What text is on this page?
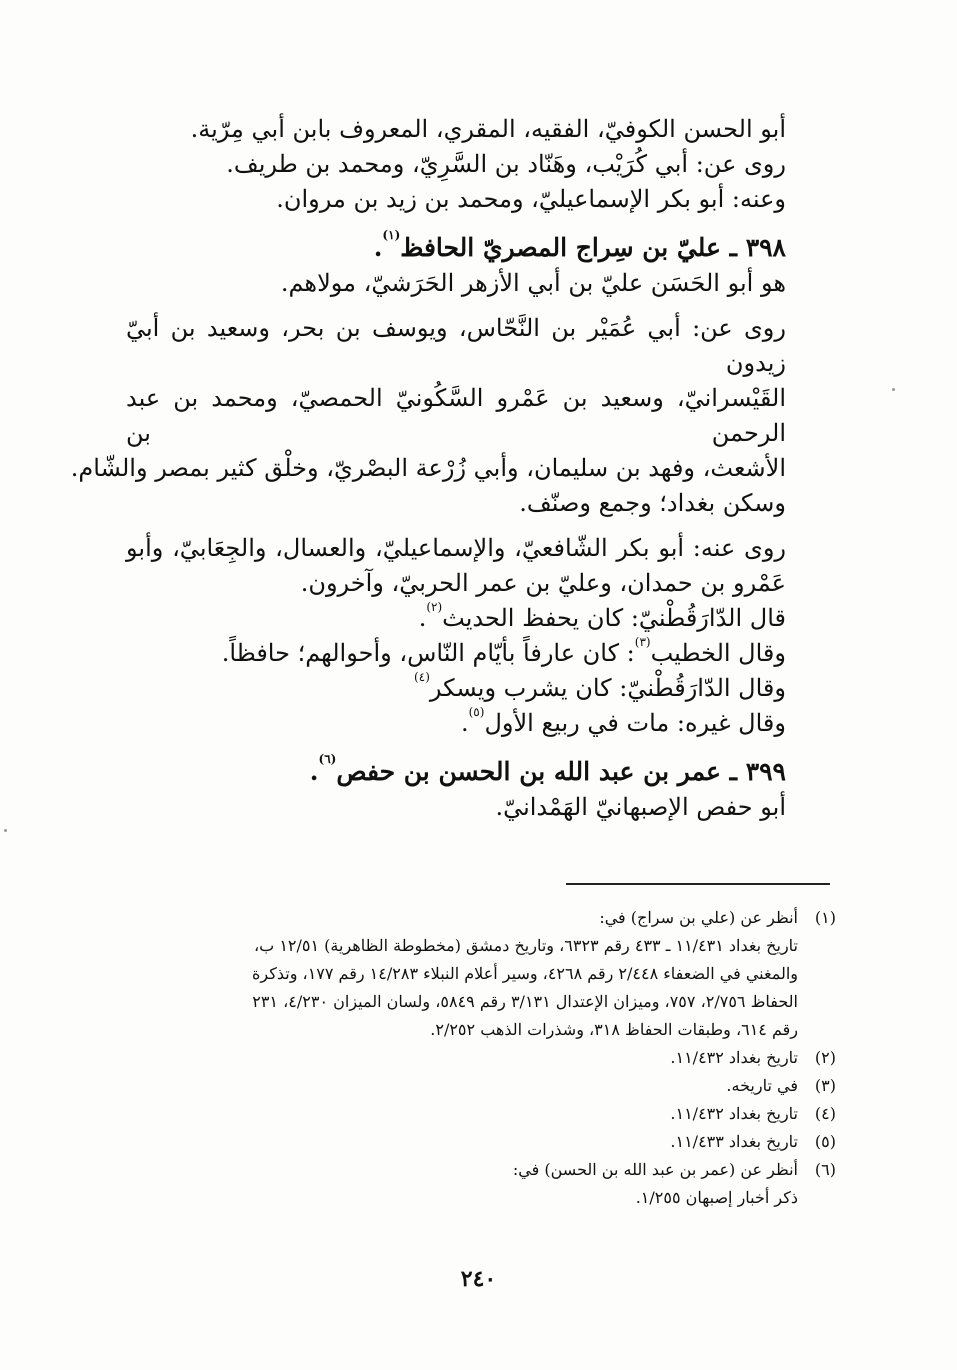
أبو الحسن الكوفيّ، الفقيه، المقري، المعروف بابن أبي مِرّية.
روى عن: أبي كُرَيْب، وهَنّاد بن السَّرِيّ، ومحمد بن طريف.
وعنه: أبو بكر الإسماعيليّ، ومحمد بن زيد بن مروان.
٣٩٨ ـ عليّ بن سِراج المصريّ الحافظ$^{(١)}$.
هو أبو الحَسَن عليّ بن أبي الأزهر الحَرَشيّ، مولاهم.
روى عن: أبي عُمَيْر بن النَّحّاس، ويوسف بن بحر، وسعيد بن أبيّ زيدون
القَيْسرانيّ، وسعيد بن عَمْرو السَّكُونيّ الحمصيّ، ومحمد بن عبد الرحمن بن
الأشعث، وفهد بن سليمان، وأبي زُرْعة البصْريّ، وخلْق كثير بمصر والشّام.
وسكن بغداد؛ وجمع وصنّف.
روى عنه: أبو بكر الشّافعيّ، والإسماعيليّ، والعسال، والجِعَابيّ، وأبو
عَمْرو بن حمدان، وعليّ بن عمر الحربيّ، وآخرون.
قال الدّارَقُطْنيّ: كان يحفظ الحديث$^{(٢)}$.
وقال الخطيب$^{(٣)}$: كان عارفاً بأيّام النّاس، وأحوالهم؛ حافظاً.
وقال الدّارَقُطْنيّ: كان يشرب ويسكر$^{(٤)}$
وقال غيره: مات في ربيع الأول$^{(٥)}$.
٣٩٩ ـ عمر بن عبد الله بن الحسن بن حفص$^{(٦)}$.
أبو حفص الإصبهانيّ الهَمْدانيّ.
(١)
أنظر عن (علي بن سراج) في:
تاريخ بغداد ١١/٤٣١ ـ ٤٣٣ رقم ٦٣٢٣، وتاريخ دمشق (مخطوطة الظاهرية) ١٢/٥١ ب،
والمغني في الضعفاء ٢/٤٤٨ رقم ٤٢٦٨، وسير أعلام النبلاء ١٤/٢٨٣ رقم ١٧٧، وتذكرة
الحفاظ ٢/٧٥٦، ٧٥٧، وميزان الإعتدال ٣/١٣١ رقم ٥٨٤٩، ولسان الميزان ٤/٢٣٠، ٢٣١
رقم ٦١٤، وطبقات الحفاظ ٣١٨، وشذرات الذهب ٢/٢٥٢.
(٢)
تاريخ بغداد ١١/٤٣٢.
(٣)
في تاريخه.
(٤)
تاريخ بغداد ١١/٤٣٢.
(٥)
تاريخ بغداد ١١/٤٣٣.
(٦)
أنظر عن (عمر بن عبد الله بن الحسن) في:
ذكر أخبار إصبهان ١/٢٥٥.
٢٤٠
